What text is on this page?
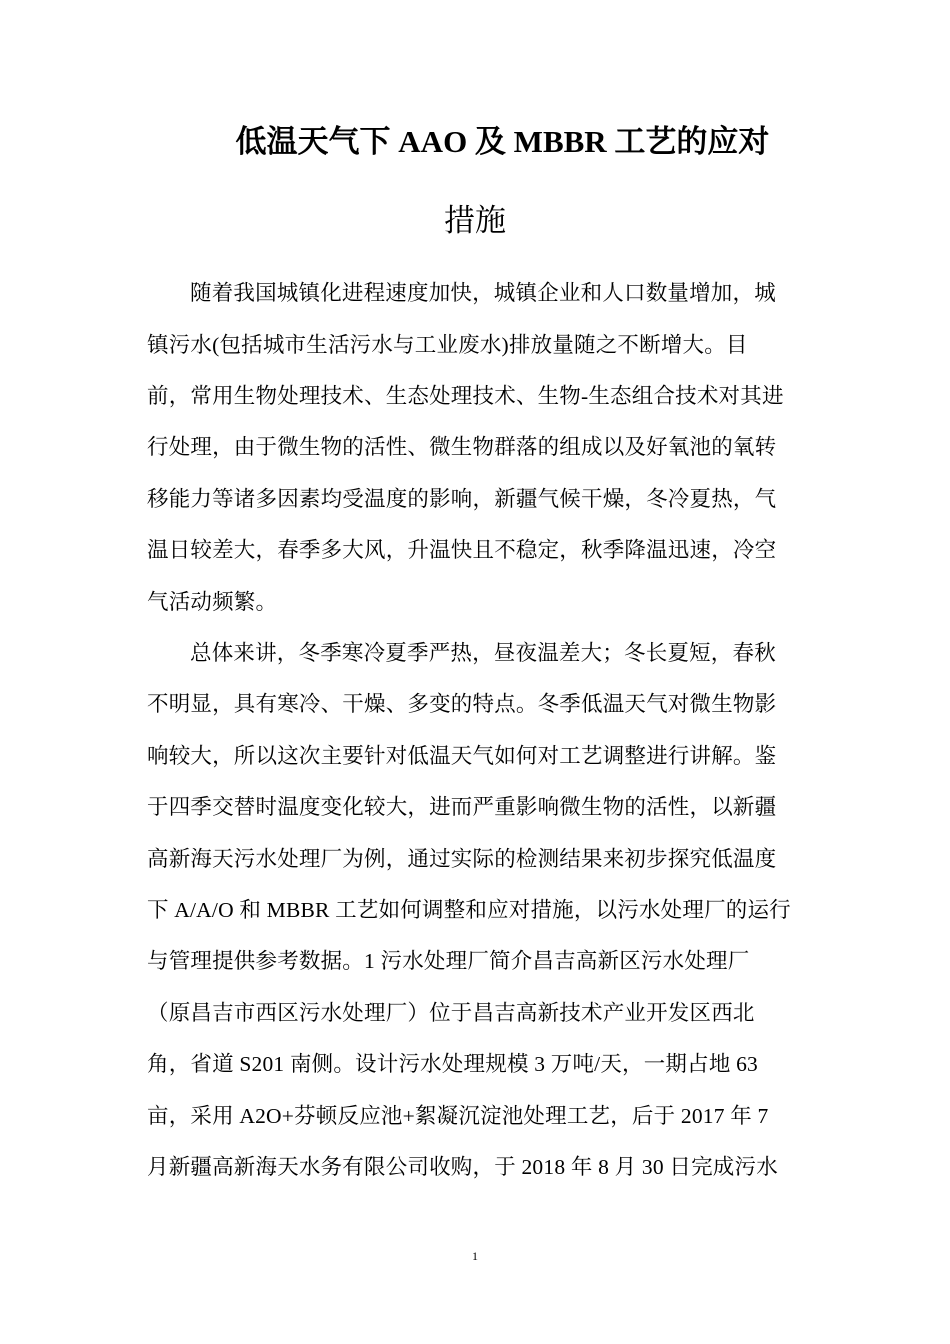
低温天气下 AAO 及 MBBR 工艺的应对
措施
随着我国城镇化进程速度加快，城镇企业和人口数量增加，城
镇污水(包括城市生活污水与工业废水)排放量随之不断增大。目
前，常用生物处理技术、生态处理技术、生物-生态组合技术对其进
行处理，由于微生物的活性、微生物群落的组成以及好氧池的氧转
移能力等诸多因素均受温度的影响，新疆气候干燥，冬冷夏热，气
温日较差大，春季多大风，升温快且不稳定，秋季降温迅速，冷空
气活动频繁。
总体来讲，冬季寒冷夏季严热，昼夜温差大；冬长夏短，春秋
不明显，具有寒冷、干燥、多变的特点。冬季低温天气对微生物影
响较大，所以这次主要针对低温天气如何对工艺调整进行讲解。鉴
于四季交替时温度变化较大，进而严重影响微生物的活性，以新疆
高新海天污水处理厂为例，通过实际的检测结果来初步探究低温度
下 A/A/O 和 MBBR 工艺如何调整和应对措施，以污水处理厂的运行
与管理提供参考数据。1 污水处理厂简介昌吉高新区污水处理厂
（原昌吉市西区污水处理厂）位于昌吉高新技术产业开发区西北
角，省道 S201 南侧。设计污水处理规模 3 万吨/天，一期占地 63
亩，采用 A2O+芬顿反应池+絮凝沉淀池处理工艺，后于 2017 年 7
月新疆高新海天水务有限公司收购，于 2018 年 8 月 30 日完成污水
1
